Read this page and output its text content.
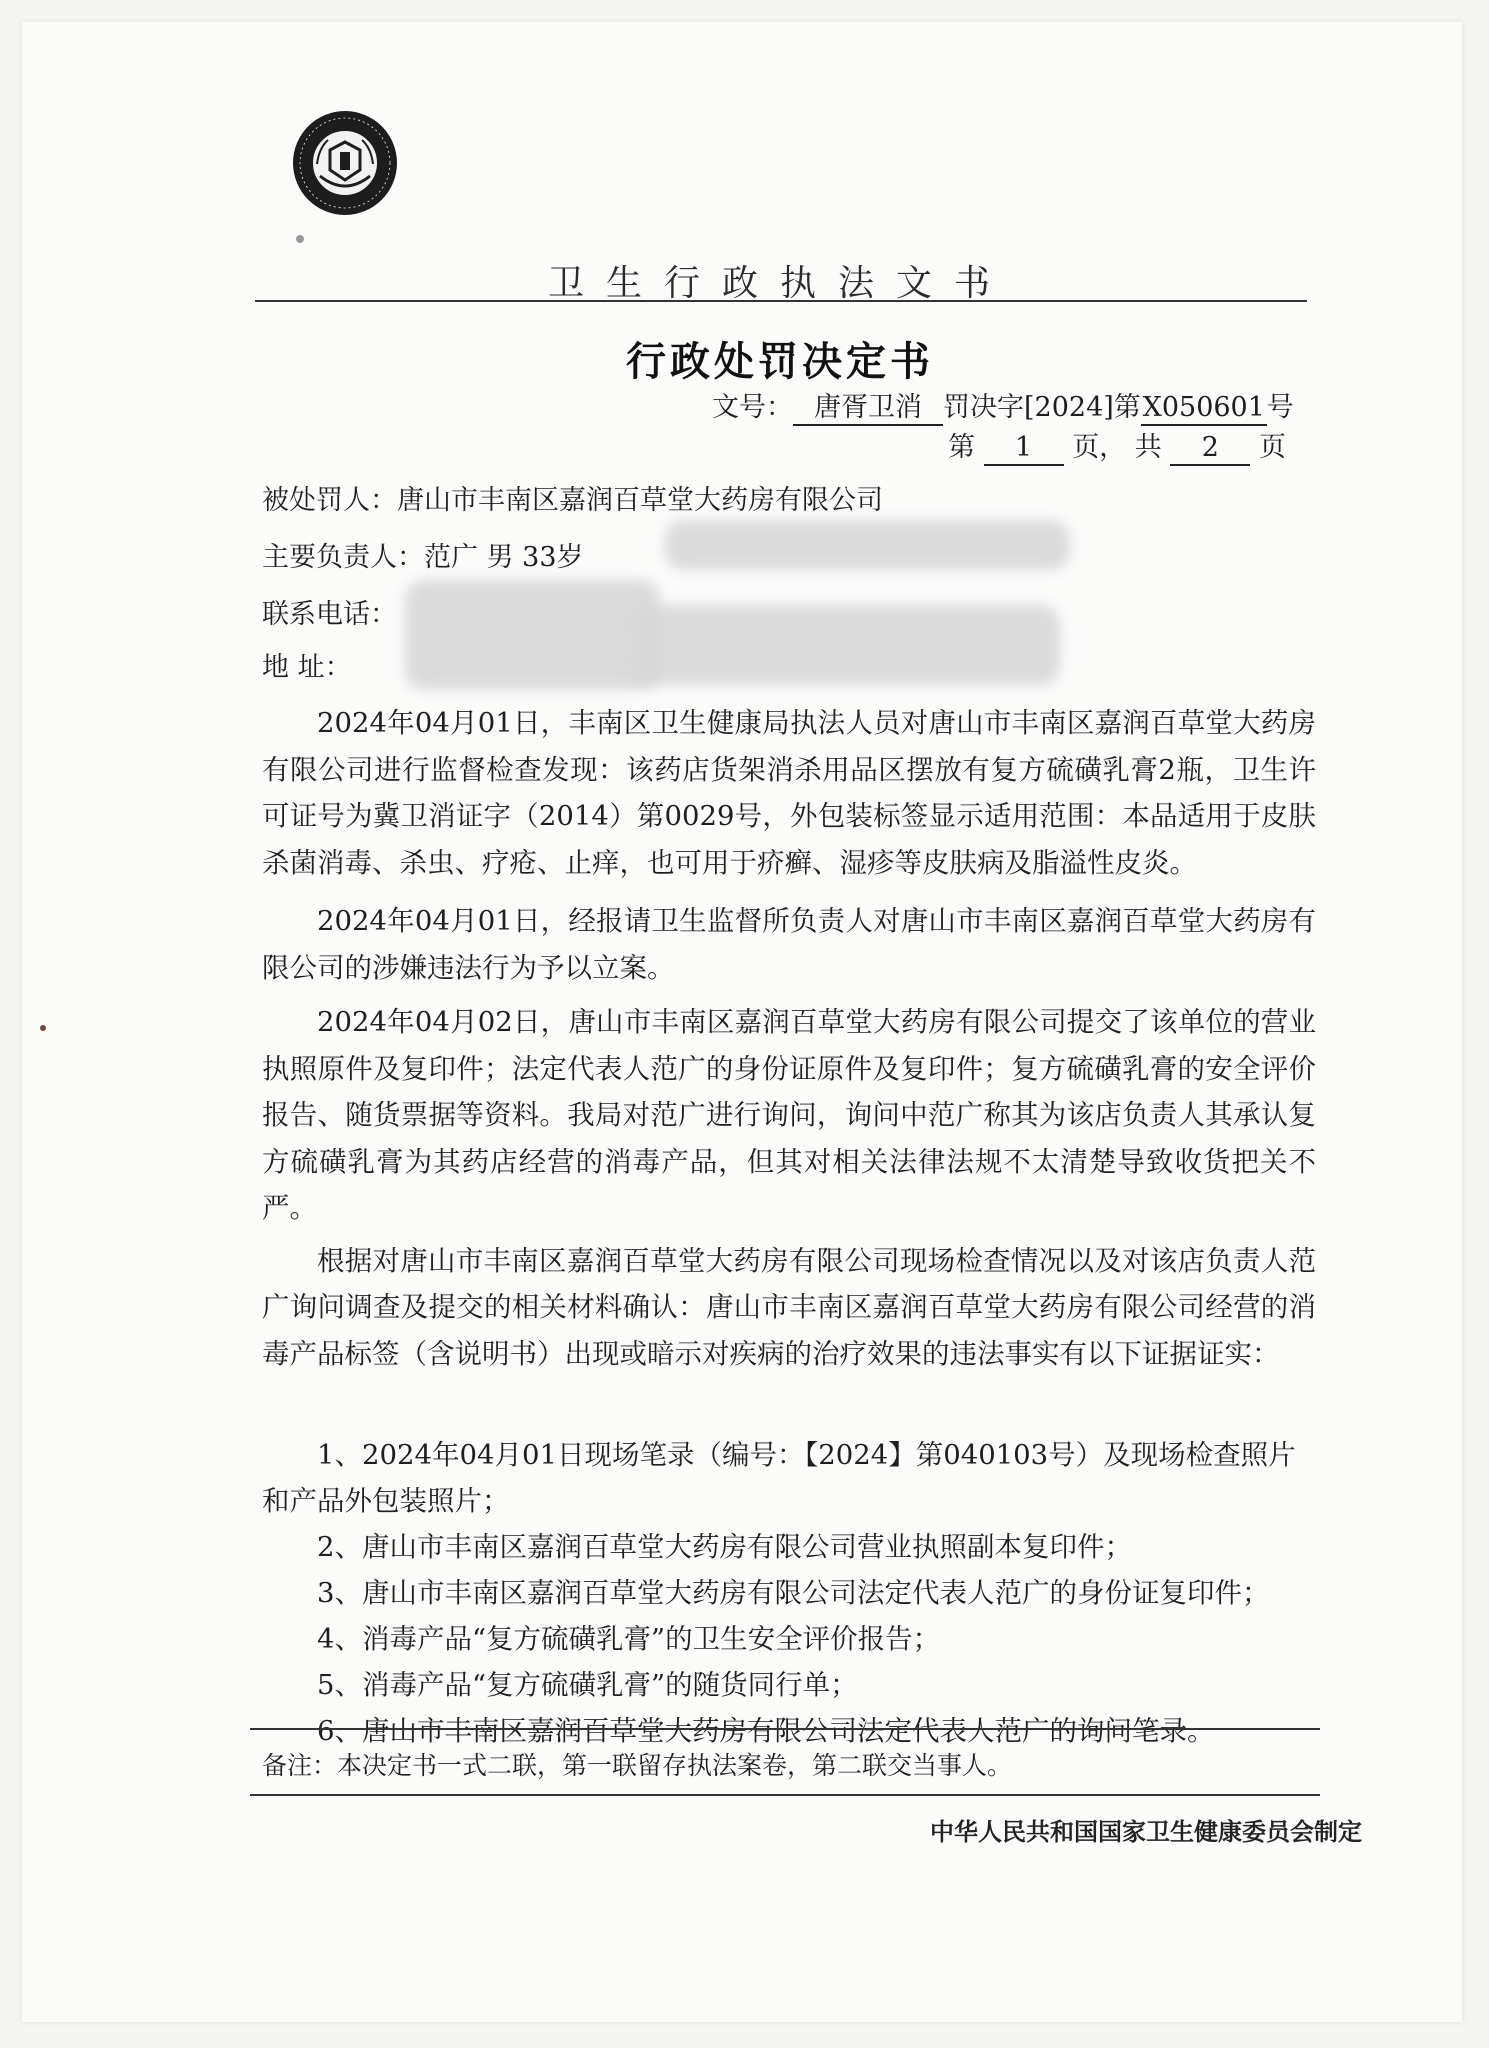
卫生行政执法文书
行政处罚决定书
文号： 唐胥卫消 罚决字[2024]第X050601号
第 1 页， 共 2 页
被处罚人：唐山市丰南区嘉润百草堂大药房有限公司
主要负责人：范广 男 33岁
联系电话：
地 址：

2024年04月01日，丰南区卫生健康局执法人员对唐山市丰南区嘉润百草堂大药房有限公司进行监督检查发现：该药店货架消杀用品区摆放有复方硫磺乳膏2瓶，卫生许可证号为冀卫消证字（2014）第0029号，外包装标签显示适用范围：本品适用于皮肤杀菌消毒、杀虫、疗疮、止痒，也可用于疥癣、湿疹等皮肤病及脂溢性皮炎。

2024年04月01日，经报请卫生监督所负责人对唐山市丰南区嘉润百草堂大药房有限公司的涉嫌违法行为予以立案。

2024年04月02日，唐山市丰南区嘉润百草堂大药房有限公司提交了该单位的营业执照原件及复印件；法定代表人范广的身份证原件及复印件；复方硫磺乳膏的安全评价报告、随货票据等资料。我局对范广进行询问，询问中范广称其为该店负责人其承认复方硫磺乳膏为其药店经营的消毒产品，但其对相关法律法规不太清楚导致收货把关不严。

根据对唐山市丰南区嘉润百草堂大药房有限公司现场检查情况以及对该店负责人范广询问调查及提交的相关材料确认：唐山市丰南区嘉润百草堂大药房有限公司经营的消毒产品标签（含说明书）出现或暗示对疾病的治疗效果的违法事实有以下证据证实：

1、2024年04月01日现场笔录（编号：【2024】第040103号）及现场检查照片和产品外包装照片；
2、唐山市丰南区嘉润百草堂大药房有限公司营业执照副本复印件；
3、唐山市丰南区嘉润百草堂大药房有限公司法定代表人范广的身份证复印件；
4、消毒产品“复方硫磺乳膏”的卫生安全评价报告；
5、消毒产品“复方硫磺乳膏”的随货同行单；
6、唐山市丰南区嘉润百草堂大药房有限公司法定代表人范广的询问笔录。
备注：本决定书一式二联，第一联留存执法案卷，第二联交当事人。
中华人民共和国国家卫生健康委员会制定
